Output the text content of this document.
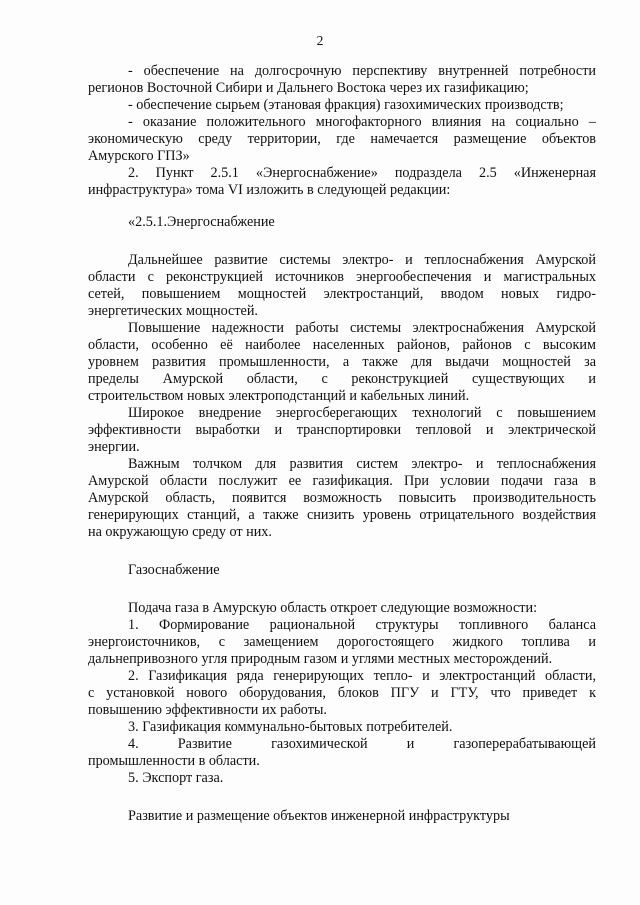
2
- обеспечение на долгосрочную перспективу внутренней потребности
регионов Восточной Сибири и Дальнего Востока через их газификацию;
- обеспечение сырьем (этановая фракция) газохимических производств;
- оказание положительного многофакторного влияния на социально –
экономическую среду территории, где намечается размещение объектов
Амурского ГПЗ»
2. Пункт 2.5.1 «Энергоснабжение» подраздела 2.5 «Инженерная
инфраструктура» тома VI изложить в следующей редакции:
«2.5.1.Энергоснабжение
Дальнейшее развитие системы электро- и теплоснабжения Амурской
области с реконструкцией источников энергообеспечения и магистральных
сетей, повышением мощностей электростанций, вводом новых гидро-
энергетических мощностей.
Повышение надежности работы системы электроснабжения Амурской
области, особенно её наиболее населенных районов, районов с высоким
уровнем развития промышленности, а также для выдачи мощностей за
пределы Амурской области, с реконструкцией существующих и
строительством новых электроподстанций и кабельных линий.
Широкое внедрение энергосберегающих технологий с повышением
эффективности выработки и транспортировки тепловой и электрической
энергии.
Важным толчком для развития систем электро- и теплоснабжения
Амурской области послужит ее газификация. При условии подачи газа в
Амурской область, появится возможность повысить производительность
генерирующих станций, а также снизить уровень отрицательного воздействия
на окружающую среду от них.
Газоснабжение
Подача газа в Амурскую область откроет следующие возможности:
1. Формирование рациональной структуры топливного баланса
энергоисточников, с замещением дорогостоящего жидкого топлива и
дальнепривозного угля природным газом и углями местных месторождений.
2. Газификация ряда генерирующих тепло- и электростанций области,
с установкой нового оборудования, блоков ПГУ и ГТУ, что приведет к
повышению эффективности их работы.
3. Газификация коммунально-бытовых потребителей.
4. Развитие газохимической и газоперерабатывающей
промышленности в области.
5. Экспорт газа.
Развитие и размещение объектов инженерной инфраструктуры
